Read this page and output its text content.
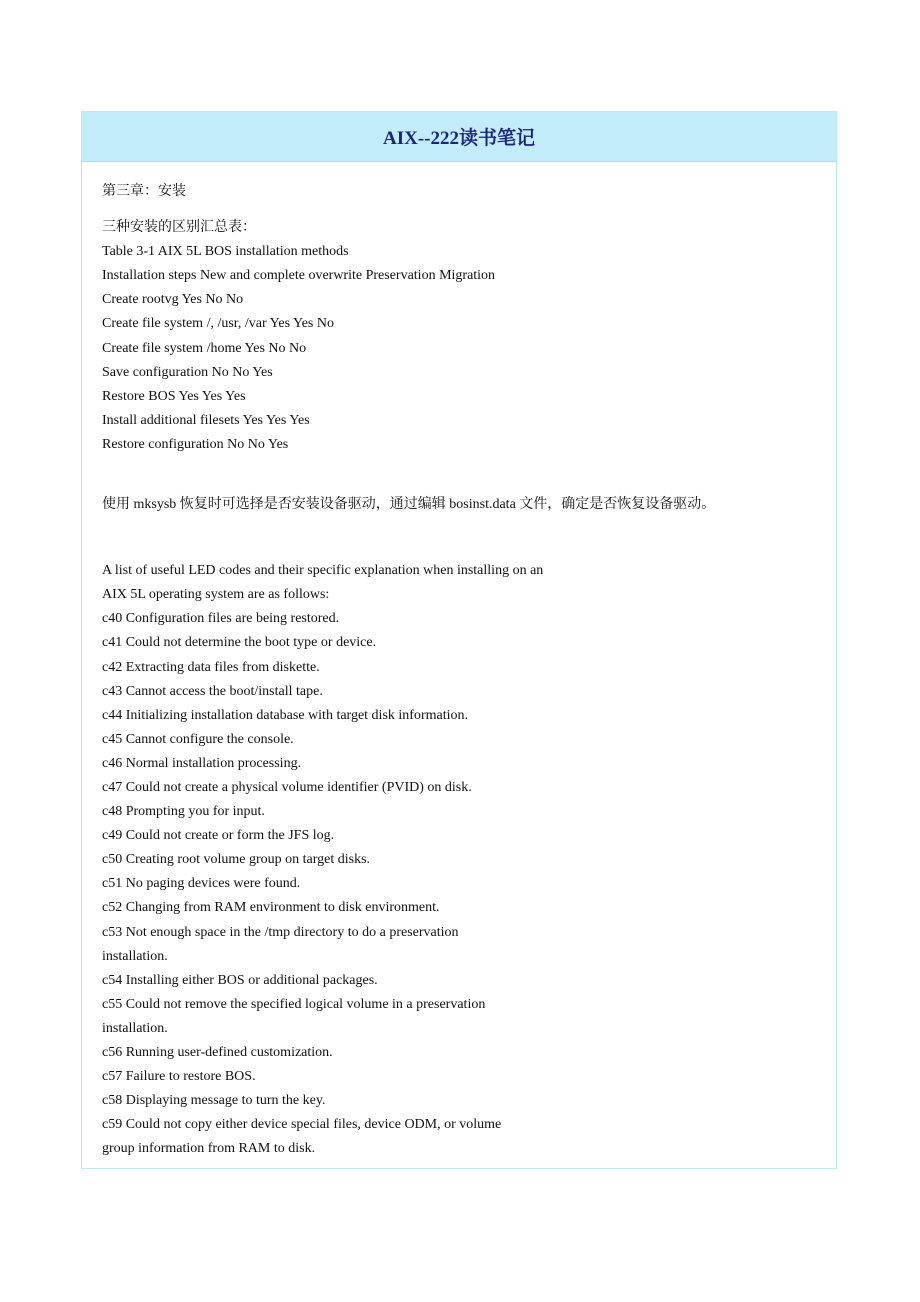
AIX--222读书笔记
第三章：安装
三种安装的区别汇总表：
Table 3-1 AIX 5L BOS installation methods
Installation steps New and complete overwrite Preservation Migration
Create rootvg Yes No No
Create file system /, /usr, /var Yes Yes No
Create file system /home Yes No No
Save configuration No No Yes
Restore BOS Yes Yes Yes
Install additional filesets Yes Yes Yes
Restore configuration No No Yes
使用 mksysb 恢复时可选择是否安装设备驱动，通过编辑 bosinst.data 文件，确定是否恢复设备驱动。
A list of useful LED codes and their specific explanation when installing on an
AIX 5L operating system are as follows:
c40 Configuration files are being restored.
c41 Could not determine the boot type or device.
c42 Extracting data files from diskette.
c43 Cannot access the boot/install tape.
c44 Initializing installation database with target disk information.
c45 Cannot configure the console.
c46 Normal installation processing.
c47 Could not create a physical volume identifier (PVID) on disk.
c48 Prompting you for input.
c49 Could not create or form the JFS log.
c50 Creating root volume group on target disks.
c51 No paging devices were found.
c52 Changing from RAM environment to disk environment.
c53 Not enough space in the /tmp directory to do a preservation
installation.
c54 Installing either BOS or additional packages.
c55 Could not remove the specified logical volume in a preservation
installation.
c56 Running user-defined customization.
c57 Failure to restore BOS.
c58 Displaying message to turn the key.
c59 Could not copy either device special files, device ODM, or volume
group information from RAM to disk.
